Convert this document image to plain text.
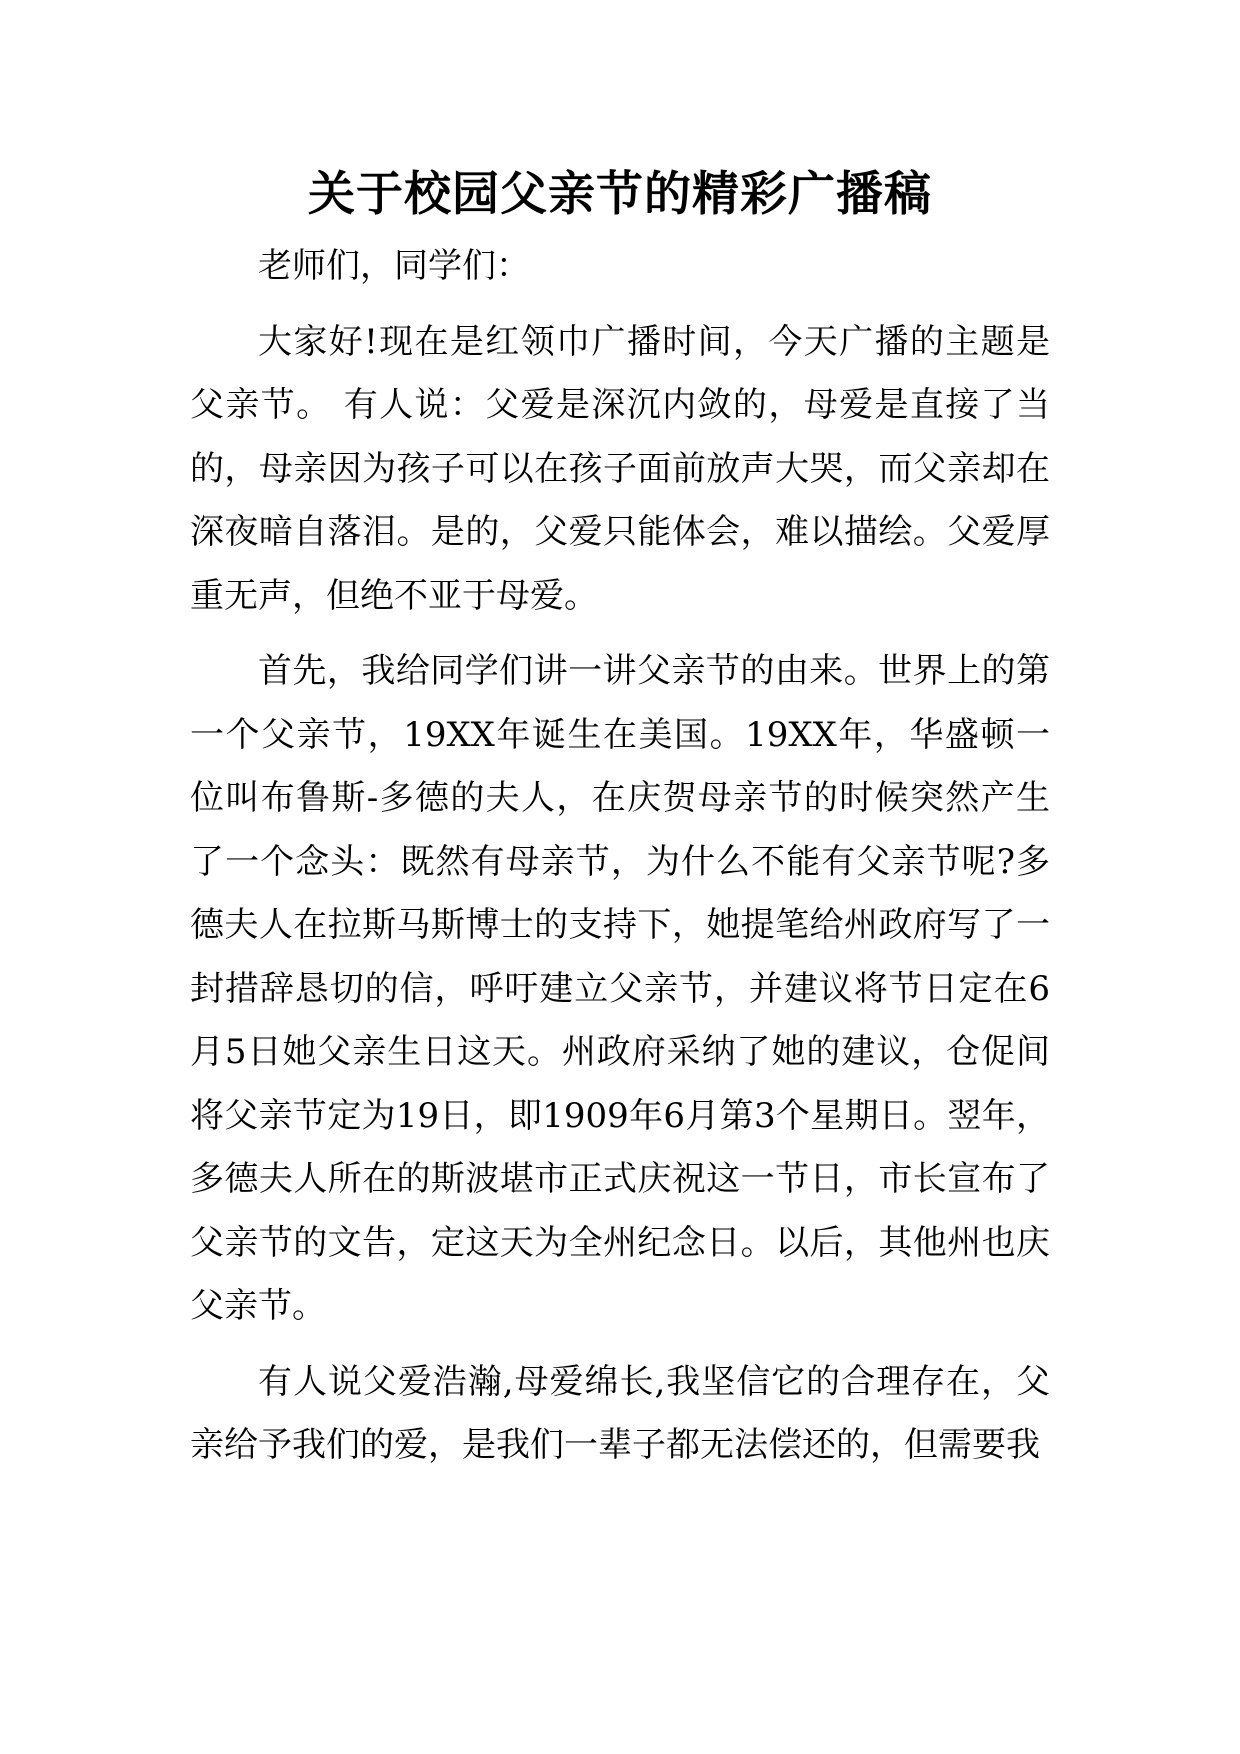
关于校园父亲节的精彩广播稿

老师们，同学们：

大家好!现在是红领巾广播时间，今天广播的主题是父亲节。 有人说：父爱是深沉内敛的，母爱是直接了当的，母亲因为孩子可以在孩子面前放声大哭，而父亲却在深夜暗自落泪。是的，父爱只能体会，难以描绘。父爱厚重无声，但绝不亚于母爱。

首先，我给同学们讲一讲父亲节的由来。世界上的第一个父亲节，19XX年诞生在美国。19XX年，华盛顿一位叫布鲁斯-多德的夫人，在庆贺母亲节的时候突然产生了一个念头：既然有母亲节，为什么不能有父亲节呢?多德夫人在拉斯马斯博士的支持下，她提笔给州政府写了一封措辞恳切的信，呼吁建立父亲节，并建议将节日定在6月5日她父亲生日这天。州政府采纳了她的建议，仓促间将父亲节定为19日，即1909年6月第3个星期日。翌年，多德夫人所在的斯波堪市正式庆祝这一节日，市长宣布了父亲节的文告，定这天为全州纪念日。以后，其他州也庆父亲节。

有人说父爱浩瀚,母爱绵长,我坚信它的合理存在，父亲给予我们的爱，是我们一辈子都无法偿还的，但需要我
